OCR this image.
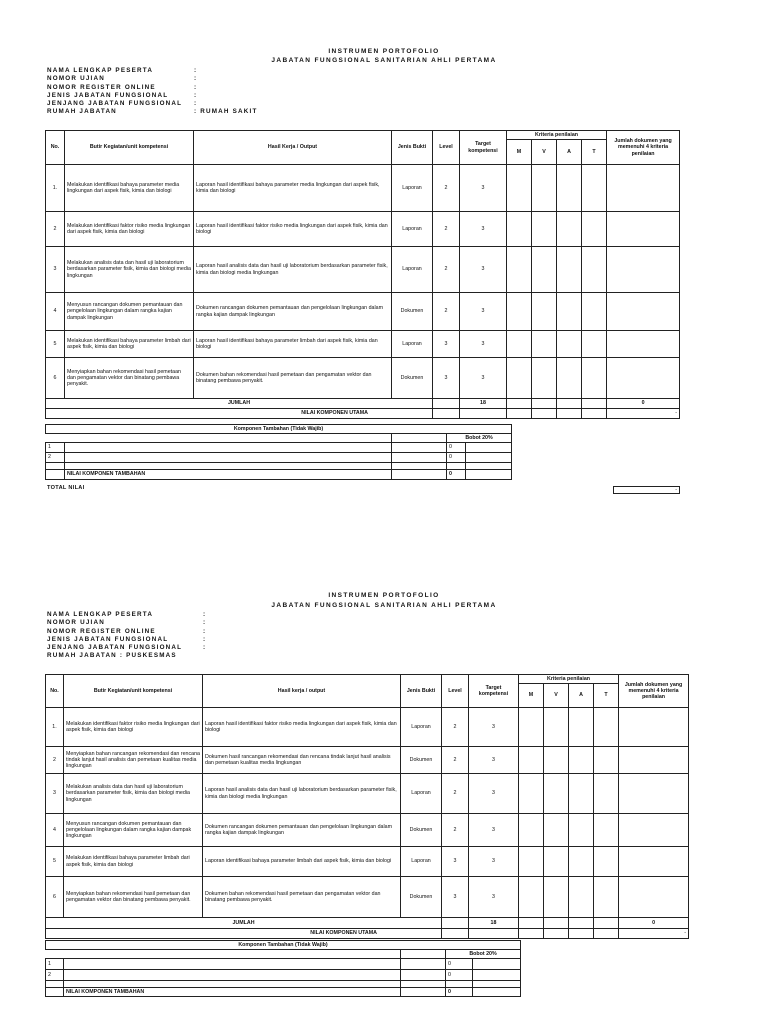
INSTRUMEN PORTOFOLIO
JABATAN FUNGSIONAL SANITARIAN AHLI PERTAMA
NAMA LENGKAP PESERTA	:
NOMOR UJIAN	:
NOMOR REGISTER ONLINE	:
JENIS JABATAN FUNGSIONAL	:
JENJANG JABATAN FUNGSIONAL :
RUMAH JABATAN	: RUMAH SAKIT
No.	Butir Kegiatan/unit kompetensi	Hasil Kerja / Output	Jenis Bukti	Level	Target kompetensi	Kriteria penilaian				Jumlah dokumen yang memenuhi 4 kriteria penilaian
						M	V	A	T	
1.	Melakukan identifikasi bahaya parameter media lingkungan dari aspek fisik, kimia dan biologi	Laporan hasil identifikasi bahaya parameter media lingkungan dari aspek fisik, kimia dan biologi	Laporan	2	3					
2	Melakukan identifikasi faktor risiko media lingkungan dari aspek fisik, kimia dan biologi	Laporan hasil identifikasi faktor risiko media lingkungan dari aspek fisik, kimia dan biologi	Laporan	2	3					
3	Melakukan analisis data dan hasil uji laboratorium berdasarkan parameter fisik, kimia dan biologi media lingkungan	Laporan hasil analisis data dan hasil uji laboratorium berdasarkan parameter fisik, kimia dan biologi media lingkungan	Laporan	2	3					
4	Menyusun rancangan dokumen pemantauan dan pengelolaan lingkungan dalam rangka kajian dampak lingkungan	Dokumen rancangan dokumen pemantauan dan pengelolaan lingkungan dalam rangka kajian dampak lingkungan	Dokumen	2	3					
5	Melakukan identifikasi bahaya parameter limbah dari aspek fisik, kimia dan biologi	Laporan hasil identifikasi bahaya parameter limbah dari aspek fisik, kimia dan biologi	Laporan	3	3					
6	Menyiapkan bahan rekomendasi hasil pemetaan dan pengamatan vektor dan binatang pembawa penyakit.	Dokumen bahan rekomendasi hasil pemetaan dan pengamatan vektor dan binatang pembawa penyakit.	Dokumen	3	3					
JUMLAH					18					0
NILAI KOMPONEN UTAMA										-
Komponen Tambahan (Tidak Wajib)				
			Bobot 20%	
1			0	
2			0	

	NILAI KOMPONEN TAMBAHAN		0	
TOTAL NILAI	-
INSTRUMEN PORTOFOLIO
JABATAN FUNGSIONAL SANITARIAN AHLI PERTAMA
NAMA LENGKAP PESERTA	:
NOMOR UJIAN	:
NOMOR REGISTER ONLINE	:
JENIS JABATAN FUNGSIONAL	:
JENJANG JABATAN FUNGSIONAL	:
RUMAH JABATAN : PUSKESMAS
No.	Butir Kegiatan/unit kompetensi	Hasil kerja / output	Jenis Bukti	Level	Target kompetensi	Kriteria penilaian				Jumlah dokumen yang memenuhi 4 kriteria penilaian
						M	V	A	T	
1.	Melakukan identifikasi faktor risiko media lingkungan dari aspek fisik, kimia dan biologi	Laporan hasil identifikasi faktor risiko media lingkungan dari aspek fisik, kimia dan biologi	Laporan	2	3					
2	Menyiapkan bahan rancangan rekomendasi dan rencana tindak lanjut hasil analisis dan pemetaan kualitas media lingkungan	Dokumen hasil rancangan rekomendasi dan rencana tindak lanjut hasil analisis dan pemetaan kualitas media lingkungan	Dokumen	2	3					
3	Melakukan analisis data dan hasil uji laboratorium berdasarkan parameter fisik, kimia dan biologi media lingkungan	Laporan hasil analisis data dan hasil uji laboratorium berdasarkan parameter fisik, kimia dan biologi media lingkungan	Laporan	2	3					
4	Menyusun rancangan dokumen pemantauan dan pengelolaan lingkungan dalam rangka kajian dampak lingkungan	Dokumen rancangan dokumen pemantauan dan pengelolaan lingkungan dalam rangka kajian dampak lingkungan	Dokumen	2	3					
5	Melakukan identifikasi bahaya parameter limbah dari aspek fisik, kimia dan biologi	Laporan identifikasi bahaya parameter limbah dari aspek fisik, kimia dan biologi	Laporan	3	3					
6	Menyiapkan bahan rekomendasi hasil pemetaan dan pengamatan vektor dan binatang pembawa penyakit.	Dokumen bahan rekomendasi hasil pemetaan dan pengamatan vektor dan binatang pembawa penyakit.	Dokumen	3	3					
JUMLAH					18					0
NILAI KOMPONEN UTAMA										-
Komponen Tambahan (Tidak Wajib)				
			Bobot 20%	
1			0	
2			0	

	NILAI KOMPONEN TAMBAHAN		0	
